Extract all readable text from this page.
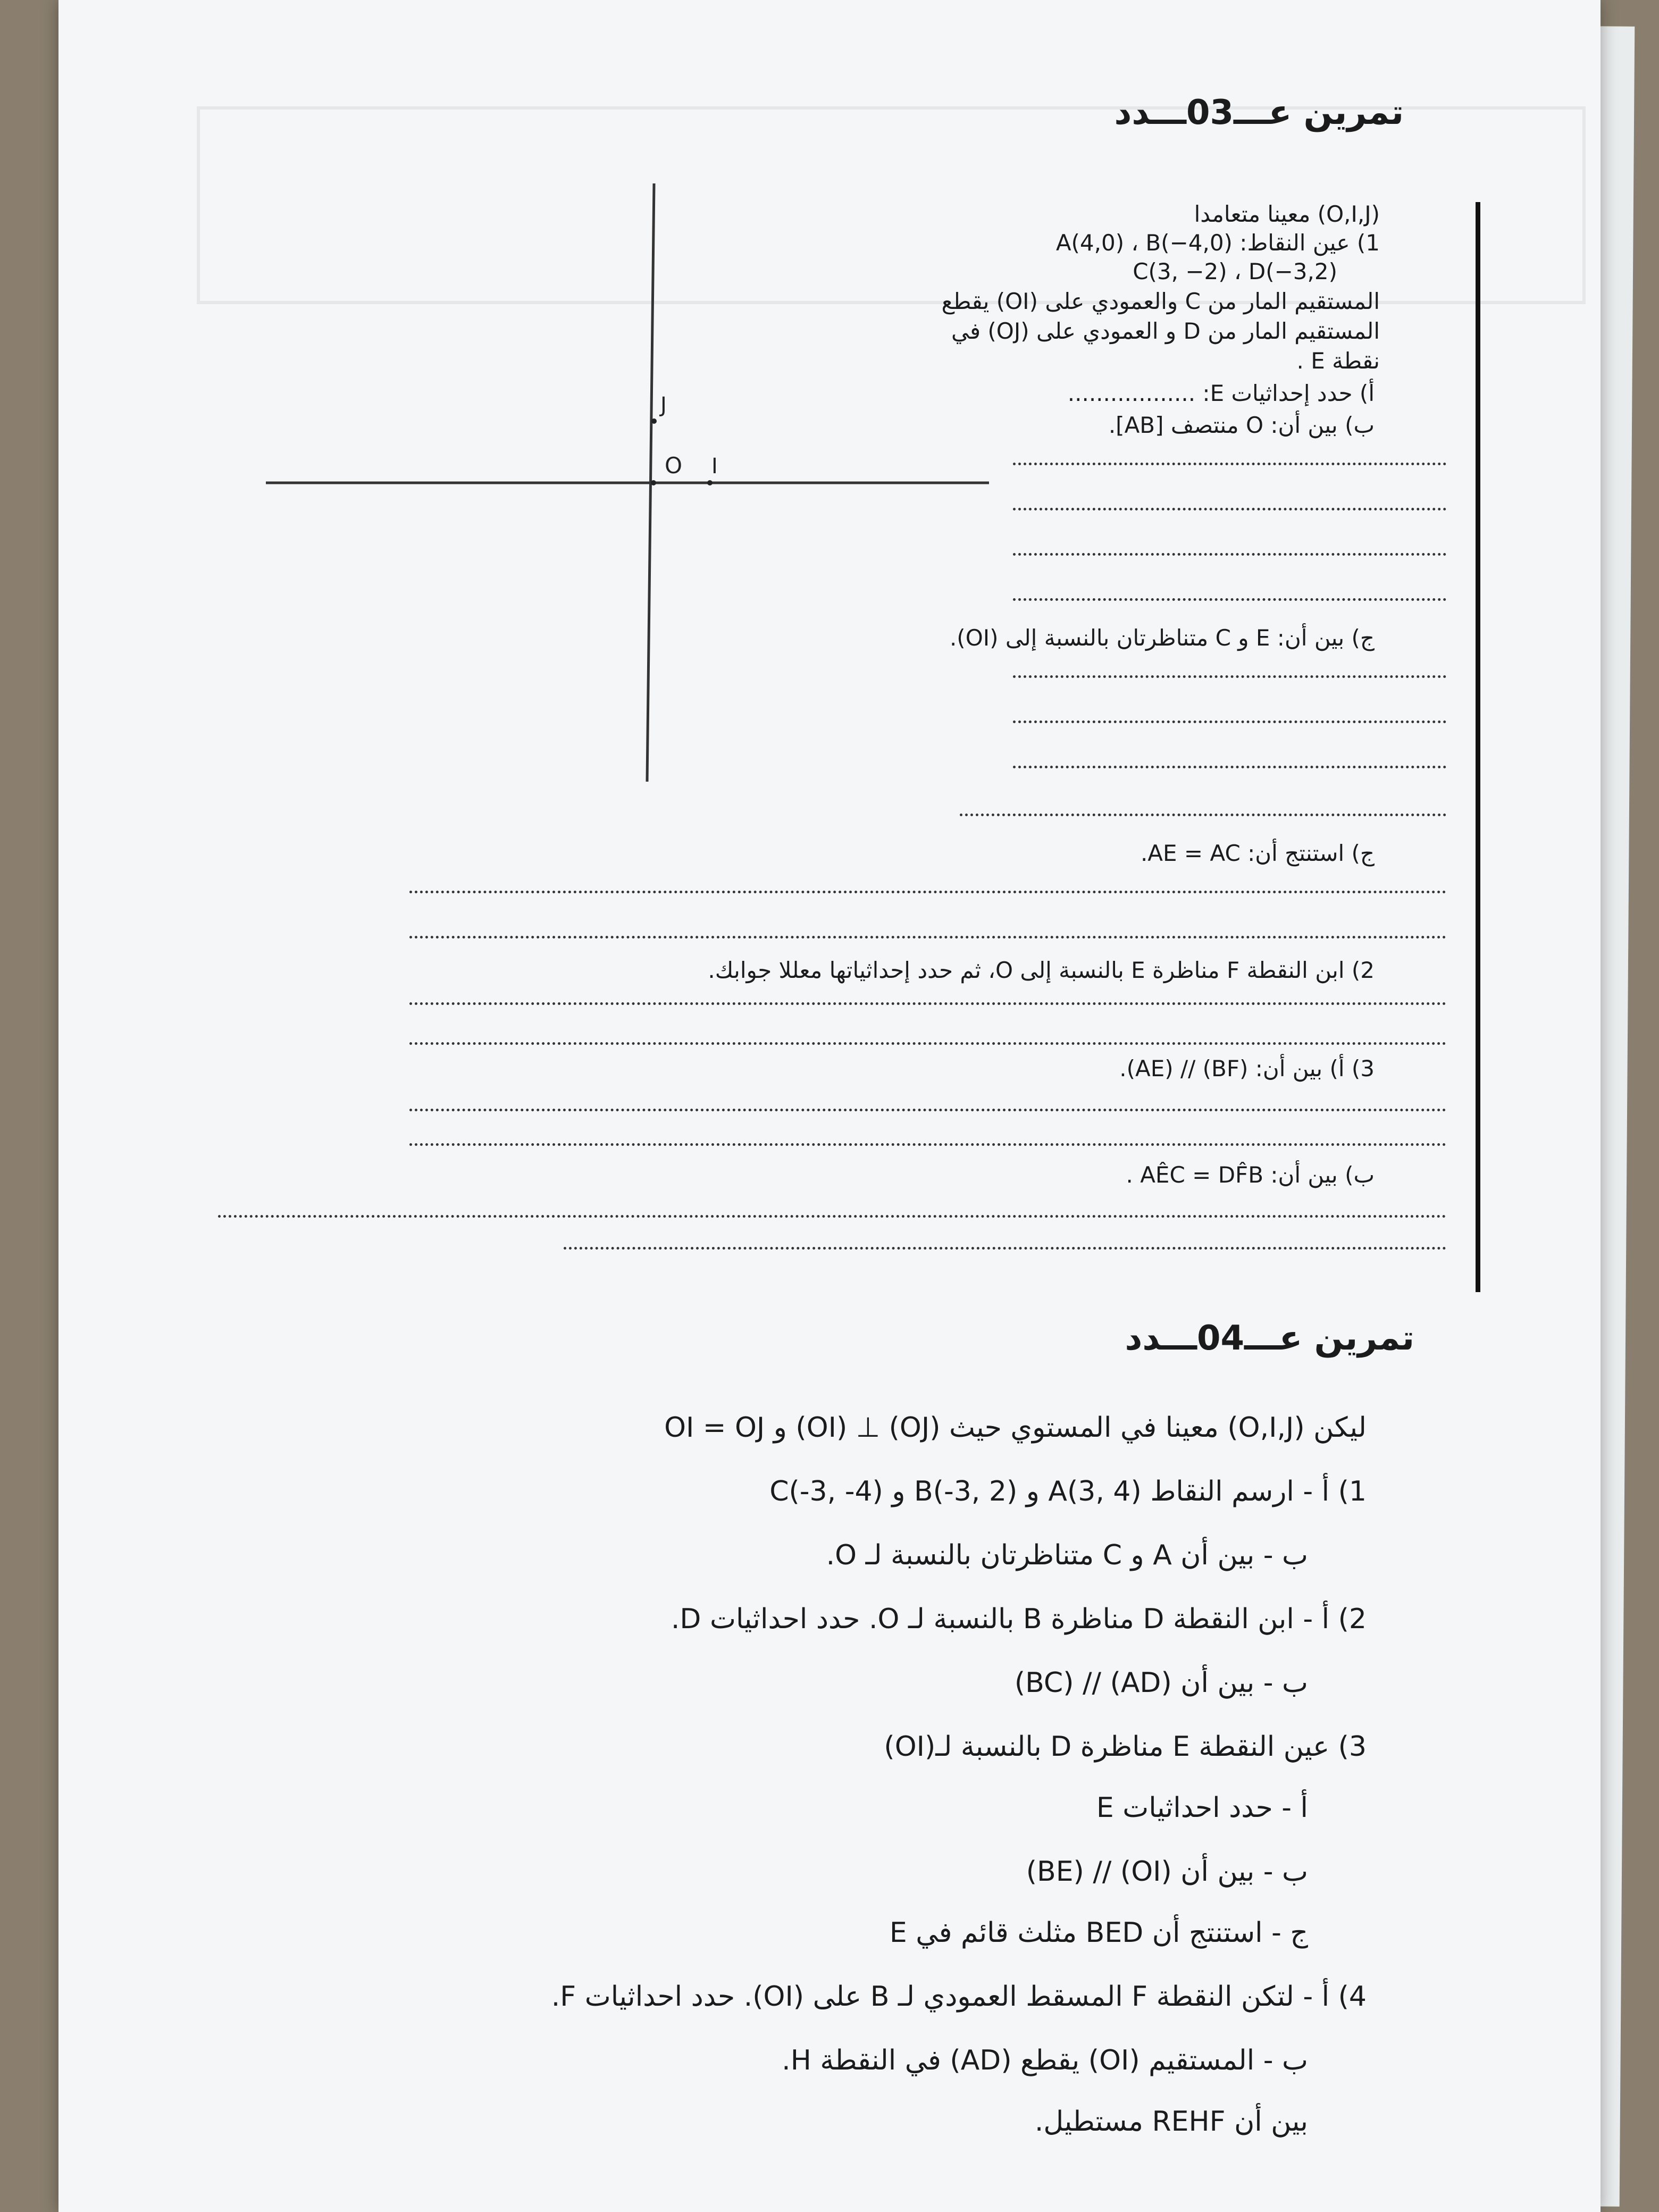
تمرين عـــ03ـــدد
(O,I,J) معينا متعامدا
1) عين النقاط: A(4,0) ، B(−4,0)
C(3, −2) ، D(−3,2)
المستقيم المار من C والعمودي على (OI) يقطع
المستقيم المار من D و العمودي على (OJ) في
نقطة E .
أ) حدد إحداثيات E: ..................
ب) بين أن: O منتصف [AB].
ج) بين أن: E و C متناظرتان بالنسبة إلى (OI).
ج) استنتج أن: AE = AC.
2) ابن النقطة F مناظرة E بالنسبة إلى O، ثم حدد إحداثياتها معللا جوابك.
3) أ) بين أن: (BF) // (AE).
ب) بين أن: AÊC = DF̂B .
O I
J
تمرين عـــ04ـــدد
ليكن (O,I,J) معينا في المستوي حيث (OJ) ⊥ (OI) و OI = OJ
1) أ - ارسم النقاط A(3, 4) و B(-3, 2) و C(-3, -4)
ب - بين أن A و C متناظرتان بالنسبة لـ O.
2) أ - ابن النقطة D مناظرة B بالنسبة لـ O. حدد احداثيات D.
ب - بين أن (AD) // (BC)
3) عين النقطة E مناظرة D بالنسبة لـ(OI)
أ - حدد احداثيات E
ب - بين أن (OI) // (BE)
ج - استنتج أن BED مثلث قائم في E
4) أ - لتكن النقطة F المسقط العمودي لـ B على (OI). حدد احداثيات F.
ب - المستقيم (OI) يقطع (AD) في النقطة H.
بين أن REHF مستطيل.
